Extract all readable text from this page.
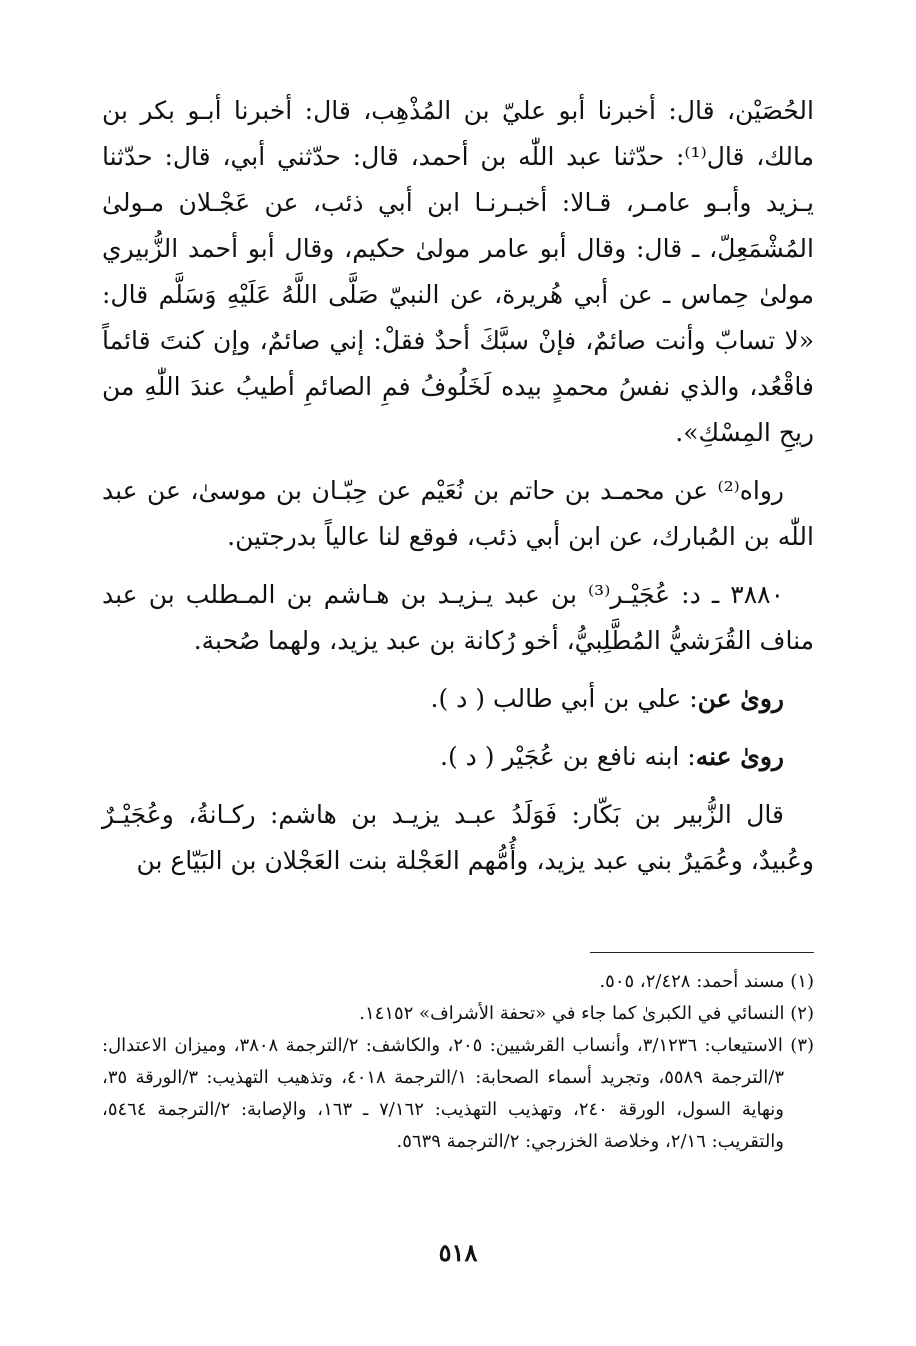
الحُصَيْن، قال: أخبرنا أبو عليّ بن المُذْهِب، قال: أخبرنا أبـو بكر بن مالك، قال⁽¹⁾: حدّثنا عبد اللّٰه بن أحمد، قال: حدّثني أبي، قال: حدّثنا يـزيد وأبـو عامـر، قـالا: أخبـرنـا ابن أبي ذئب، عن عَجْـلان مـولىٰ المُشْمَعِلّ، ـ قال: وقال أبو عامر مولىٰ حكيم، وقال أبو أحمد الزُّبيري مولىٰ حِماس ـ عن أبي هُريرة، عن النبيّ صَلَّى اللَّهُ عَلَيْهِ وَسَلَّم قال: «لا تسابّ وأنت صائمٌ، فإنْ سبَّكَ أحدٌ فقلْ: إني صائمٌ، وإن كنتَ قائماً فاقْعُد، والذي نفسُ محمدٍ بيده لَخَلُوفُ فمِ الصائمِ أطيبُ عندَ اللّٰهِ من ريحِ المِسْكِ».

رواه⁽²⁾ عن محمـد بن حاتم بن نُعَيْم عن حِبّـان بن موسىٰ، عن عبد اللّٰه بن المُبارك، عن ابن أبي ذئب، فوقع لنا عالياً بدرجتين.

٣٨٨٠ ـ د: عُجَيْـر⁽³⁾ بن عبد يـزيـد بن هـاشم بن المـطلب بن عبد مناف القُرَشيُّ المُطَّلِبيُّ، أخو رُكانة بن عبد يزيد، ولهما صُحبة.

روىٰ عن: علي بن أبي طالب ( د ).

روىٰ عنه: ابنه نافع بن عُجَيْر ( د ).

قال الزُّبير بن بَكّار: فَوَلَدُ عبـد يزيـد بن هاشم: ركـانةُ، وعُجَيْـرٌ وعُبيدٌ، وعُمَيرٌ بني عبد يزيد، وأُمُّهم العَجْلة بنت العَجْلان بن البَيّاع بن

(١) مسند أحمد: ٢/٤٢٨، ٥٠٥.

(٢) النسائي في الكبرىٰ كما جاء في «تحفة الأشراف» ١٤١٥٢.

(٣) الاستيعاب: ٣/١٢٣٦، وأنساب القرشيين: ٢٠٥، والكاشف: ٢/الترجمة ٣٨٠٨، وميزان الاعتدال: ٣/الترجمة ٥٥٨٩، وتجريد أسماء الصحابة: ١/الترجمة ٤٠١٨، وتذهيب التهذيب: ٣/الورقة ٣٥، ونهاية السول، الورقة ٢٤٠، وتهذيب التهذيب: ٧/١٦٢ ـ ١٦٣، والإصابة: ٢/الترجمة ٥٤٦٤، والتقريب: ٢/١٦، وخلاصة الخزرجي: ٢/الترجمة ٥٦٣٩.

٥١٨
